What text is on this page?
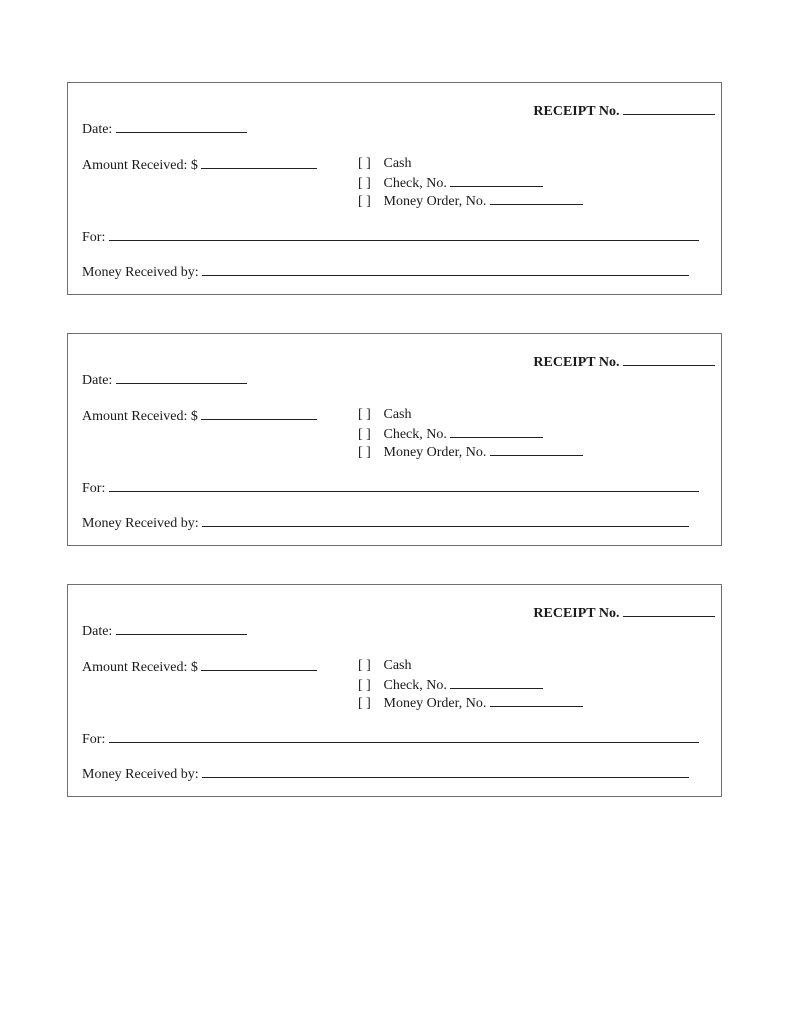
RECEIPT No.
Date:
Amount Received: $	[ ] Cash
[ ] Check, No.
[ ] Money Order, No.
For:
Money Received by:
RECEIPT No.
Date:
Amount Received: $	[ ] Cash
[ ] Check, No.
[ ] Money Order, No.
For:
Money Received by:
RECEIPT No.
Date:
Amount Received: $	[ ] Cash
[ ] Check, No.
[ ] Money Order, No.
For:
Money Received by:
